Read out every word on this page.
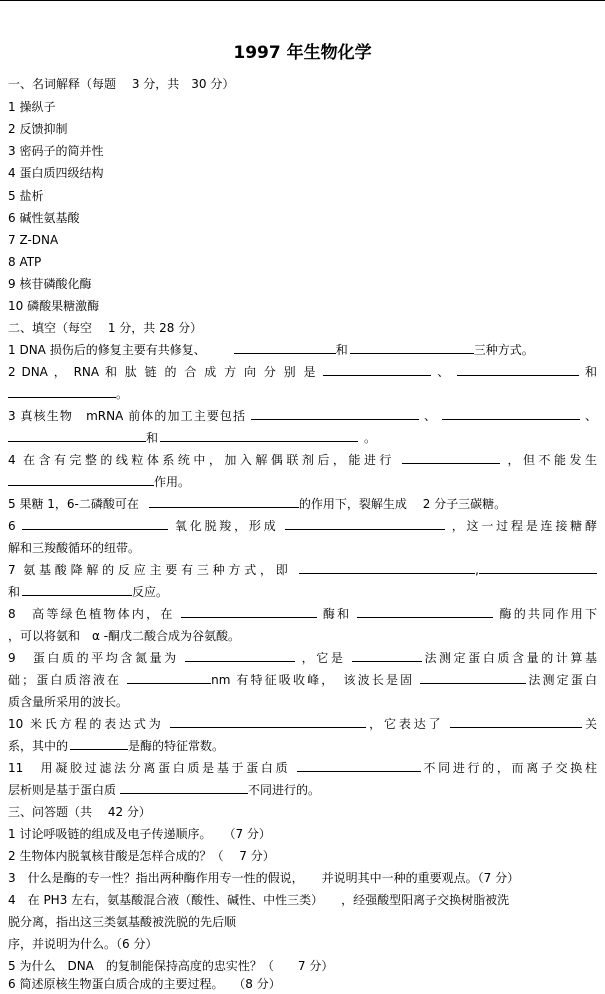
1997 年生物化学
一、名词解释（每题　 3 分，共　30 分）
1 操纵子
2 反馈抑制
3 密码子的简并性
4 蛋白质四级结构
5 盐析
6 碱性氨基酸
7 Z-DNA
8 ATP
9 核苷磷酸化酶
10 磷酸果糖激酶
二、填空（每空　 1 分，共 28 分）
1 DNA 损伤后的修复主要有共修复、	和	三种方式。
2 DNA ， RNA 和 肽 链 的 合 成 方 向 分 别 是	、	和
。
3 真核生物　mRNA 前体的加工主要包括	、	、
和	。
4 在含有完整的线粒体系统中，加入解偶联剂后，能进行	，但不能发生
作用。
5 果糖 1，6-二磷酸可在	的作用下，裂解生成　 2 分子三碳糖。
6	氧化脱羧，形成	，这一过程是连接糖酵
解和三羧酸循环的纽带。
7 氨基酸降解的反应主要有三种方式，即	,
和	反应。
8　高等绿色植物体内，在	酶和	酶的共同作用下
，可以将氨和　α -酮戊二酸合成为谷氨酸。
9　蛋白质的平均含氮量为	，它是	法测定蛋白质含量的计算基
础；蛋白质溶液在	nm 有特征吸收峰，　该波长是固	法测定蛋白
质含量所采用的波长。
10 米氏方程的表达式为	，它表达了	关
系，其中的	是酶的特征常数。
11　用凝胶过滤法分离蛋白质是基于蛋白质	不同进行的，而离子交换柱
层析则是基于蛋白质	不同进行的。
三、问答题（共　 42 分）
1 讨论呼吸链的组成及电子传递顺序。　　（7 分）
2 生物体内脱氧核苷酸是怎样合成的？（　 7 分）
3　什么是酶的专一性？指出两种酶作用专一性的假说，　　并说明其中一种的重要观点。（7 分）
4　在 PH3 左右，氨基酸混合液（酸性、碱性、中性三类）　　，经强酸型阳离子交换树脂被洗
脱分离，指出这三类氨基酸被洗脱的先后顺
序，并说明为什么。（6 分）
5 为什么　DNA　的复制能保持高度的忠实性？（　　7 分）
6 简述原核生物蛋白质合成的主要过程。　 （8 分）
